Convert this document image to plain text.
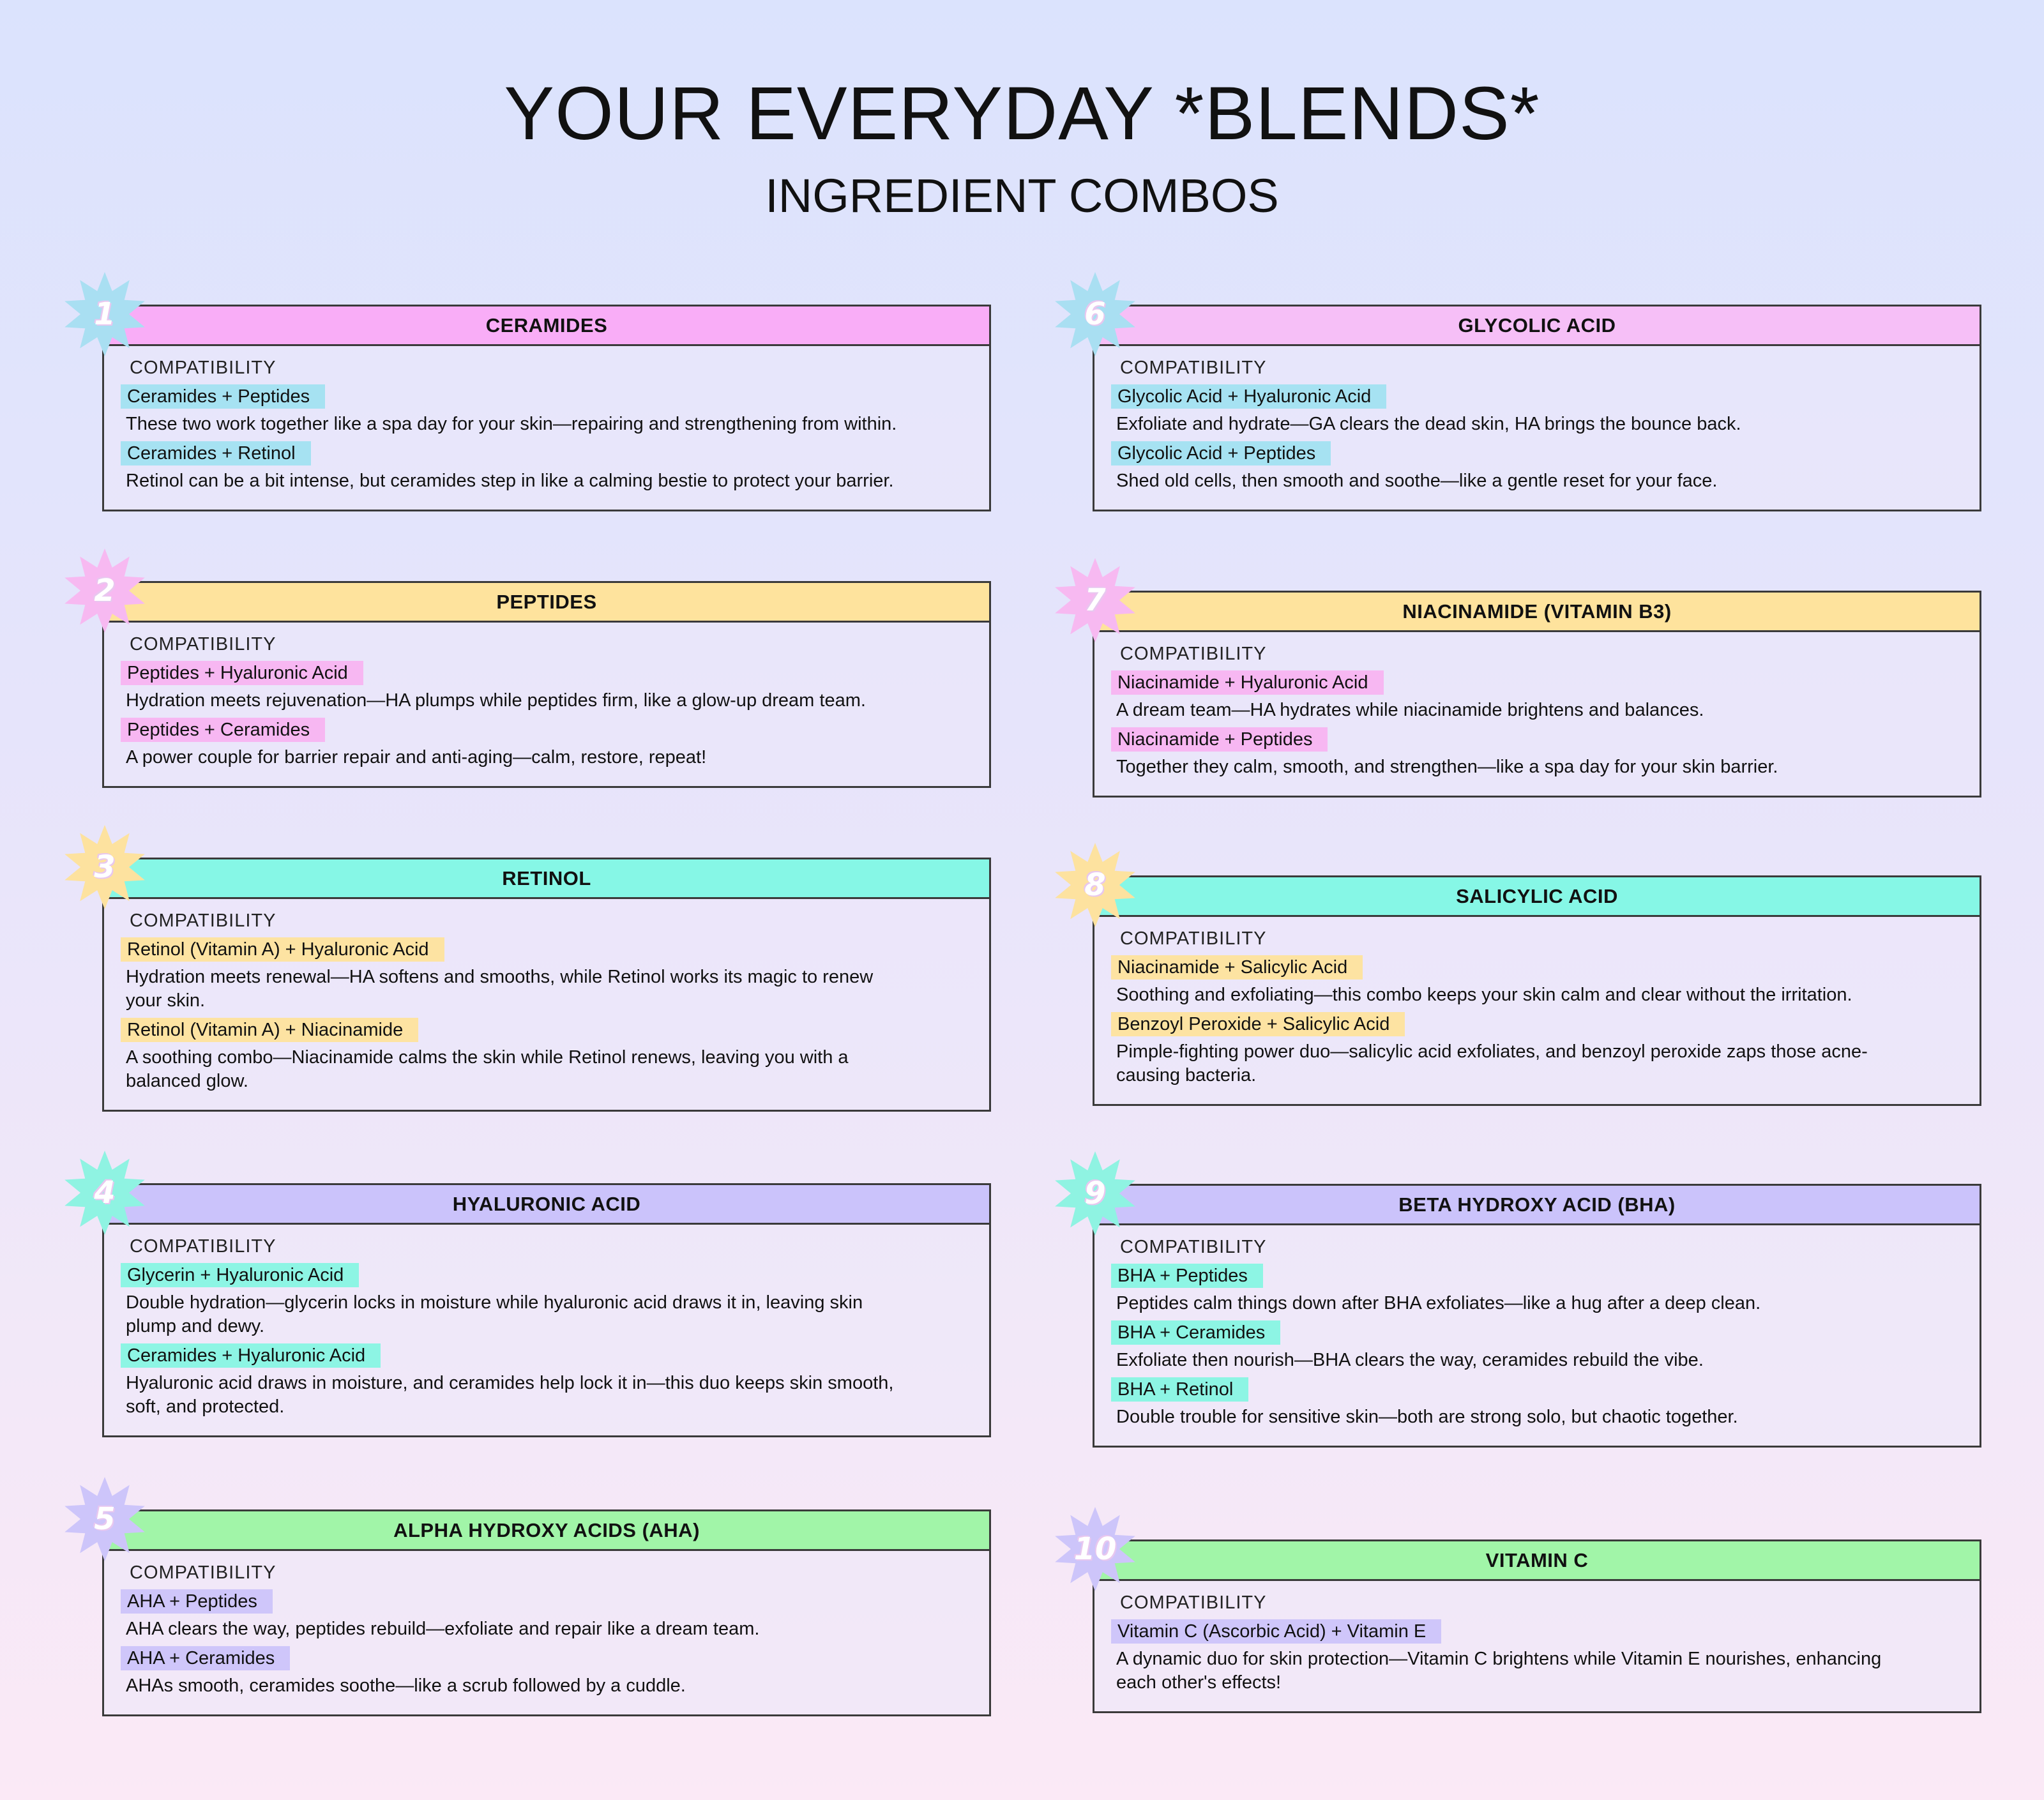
YOUR EVERYDAY *BLENDS*
INGREDIENT COMBOS
CERAMIDES
COMPATIBILITY
Ceramides + Peptides
These two work together like a spa day for your skin—repairing and strengthening from within.
Ceramides + Retinol
Retinol can be a bit intense, but ceramides step in like a calming bestie to protect your barrier.
1
PEPTIDES
COMPATIBILITY
Peptides + Hyaluronic Acid
Hydration meets rejuvenation—HA plumps while peptides firm, like a glow-up dream team.
Peptides + Ceramides
A power couple for barrier repair and anti-aging—calm, restore, repeat!
2
RETINOL
COMPATIBILITY
Retinol (Vitamin A) + Hyaluronic Acid
Hydration meets renewal—HA softens and smooths, while Retinol works its magic to renew your skin.
Retinol (Vitamin A) + Niacinamide
A soothing combo—Niacinamide calms the skin while Retinol renews, leaving you with a balanced glow.
3
HYALURONIC ACID
COMPATIBILITY
Glycerin + Hyaluronic Acid
Double hydration—glycerin locks in moisture while hyaluronic acid draws it in, leaving skin plump and dewy.
Ceramides + Hyaluronic Acid
Hyaluronic acid draws in moisture, and ceramides help lock it in—this duo keeps skin smooth, soft, and protected.
4
ALPHA HYDROXY ACIDS (AHA)
COMPATIBILITY
AHA + Peptides
AHA clears the way, peptides rebuild—exfoliate and repair like a dream team.
AHA + Ceramides
AHAs smooth, ceramides soothe—like a scrub followed by a cuddle.
5
GLYCOLIC ACID
COMPATIBILITY
Glycolic Acid + Hyaluronic Acid
Exfoliate and hydrate—GA clears the dead skin, HA brings the bounce back.
Glycolic Acid + Peptides
Shed old cells, then smooth and soothe—like a gentle reset for your face.
6
NIACINAMIDE (VITAMIN B3)
COMPATIBILITY
Niacinamide + Hyaluronic Acid
A dream team—HA hydrates while niacinamide brightens and balances.
Niacinamide + Peptides
Together they calm, smooth, and strengthen—like a spa day for your skin barrier.
7
SALICYLIC ACID
COMPATIBILITY
Niacinamide + Salicylic Acid
Soothing and exfoliating—this combo keeps your skin calm and clear without the irritation.
Benzoyl Peroxide + Salicylic Acid
Pimple-fighting power duo—salicylic acid exfoliates, and benzoyl peroxide zaps those acne-causing bacteria.
8
BETA HYDROXY ACID (BHA)
COMPATIBILITY
BHA + Peptides
Peptides calm things down after BHA exfoliates—like a hug after a deep clean.
BHA + Ceramides
Exfoliate then nourish—BHA clears the way, ceramides rebuild the vibe.
BHA + Retinol
Double trouble for sensitive skin—both are strong solo, but chaotic together.
9
VITAMIN C
COMPATIBILITY
Vitamin C (Ascorbic Acid) + Vitamin E
A dynamic duo for skin protection—Vitamin C brightens while Vitamin E nourishes, enhancing each other's effects!
10
